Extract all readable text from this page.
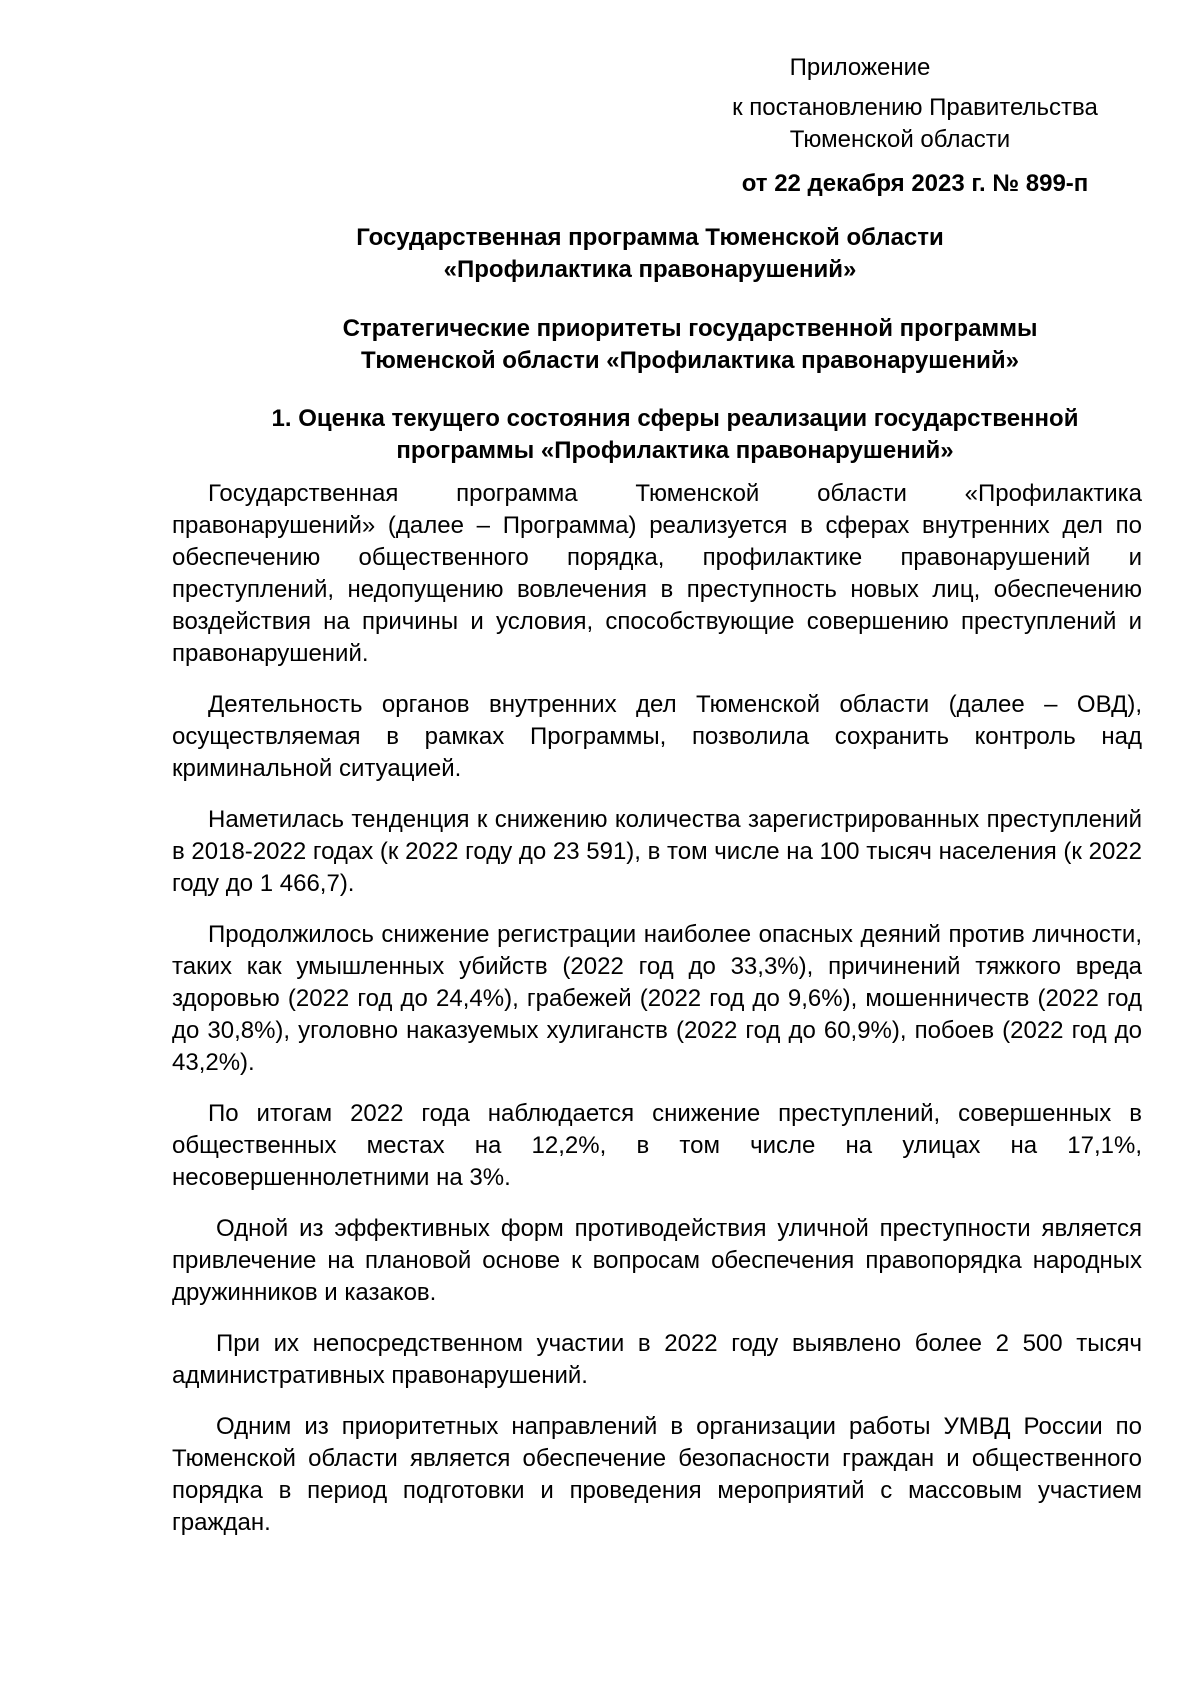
Приложение
к постановлению Правительства
Тюменской области
от 22 декабря 2023 г. № 899-п
Государственная программа Тюменской области
«Профилактика правонарушений»
Стратегические приоритеты государственной программы
Тюменской области «Профилактика правонарушений»
1. Оценка текущего состояния сферы реализации государственной
программы «Профилактика правонарушений»

Государственная программа Тюменской области «Профилактика правонарушений» (далее – Программа) реализуется в сферах внутренних дел по обеспечению общественного порядка, профилактике правонарушений и преступлений, недопущению вовлечения в преступность новых лиц, обеспечению воздействия на причины и условия, способствующие совершению преступлений и правонарушений.

Деятельность органов внутренних дел Тюменской области (далее – ОВД), осуществляемая в рамках Программы, позволила сохранить контроль над криминальной ситуацией.

Наметилась тенденция к снижению количества зарегистрированных преступлений в 2018-2022 годах (к 2022 году до 23 591), в том числе на 100 тысяч населения (к 2022 году до 1 466,7).

Продолжилось снижение регистрации наиболее опасных деяний против личности, таких как умышленных убийств (2022 год до 33,3%), причинений тяжкого вреда здоровью (2022 год до 24,4%), грабежей (2022 год до 9,6%), мошенничеств (2022 год до 30,8%), уголовно наказуемых хулиганств (2022 год до 60,9%), побоев (2022 год до 43,2%).

По итогам 2022 года наблюдается снижение преступлений, совершенных в общественных местах на 12,2%, в том числе на улицах на 17,1%, несовершеннолетними на 3%.

Одной из эффективных форм противодействия уличной преступности является привлечение на плановой основе к вопросам обеспечения правопорядка народных дружинников и казаков.

При их непосредственном участии в 2022 году выявлено более 2 500 тысяч административных правонарушений.

Одним из приоритетных направлений в организации работы УМВД России по Тюменской области является обеспечение безопасности граждан и общественного порядка в период подготовки и проведения мероприятий с массовым участием граждан.
